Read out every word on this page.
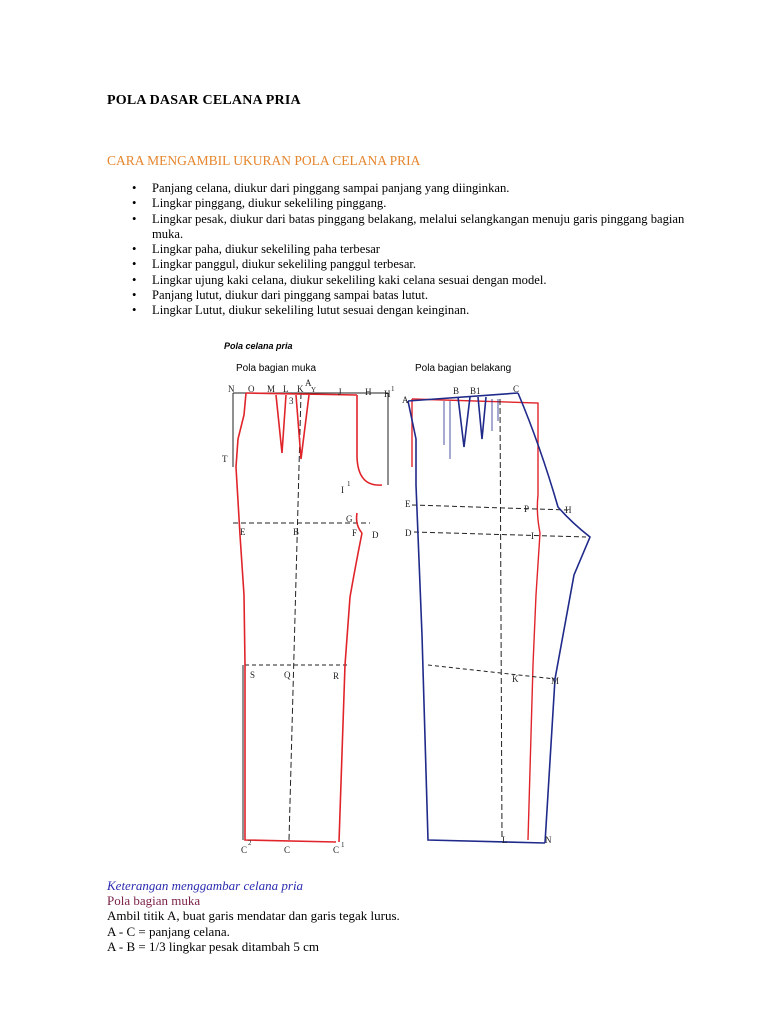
POLA DASAR CELANA PRIA
CARA MENGAMBIL UKURAN POLA CELANA PRIA
• Panjang celana, diukur dari pinggang sampai panjang yang diinginkan.
• Lingkar pinggang, diukur sekeliling pinggang.
• Lingkar pesak, diukur dari batas pinggang belakang, melalui selangkangan menuju garis pinggang bagian muka.
• Lingkar paha, diukur sekeliling paha terbesar
• Lingkar panggul, diukur sekeliling panggul terbesar.
• Lingkar ujung kaki celana, diukur sekeliling kaki celana sesuai dengan model.
• Panjang lutut, diukur dari pinggang sampai batas lutut.
• Lingkar Lutut, diukur sekeliling lutut sesuai dengan keinginan.
Pola celana pria
Pola bagian muka	Pola bagian belakang
N O M L K
A
Y
3
J	H H 1
T
I
1
G
E	B	F D
S	Q	R
C
2
C	C 1
A
B B1	C
E	P	H
D	I
K	M
L	N
Keterangan menggambar celana pria
Pola bagian muka
Ambil titik A, buat garis mendatar dan garis tegak lurus.
A - C = panjang celana.
A - B = 1/3 lingkar pesak ditambah 5 cm
